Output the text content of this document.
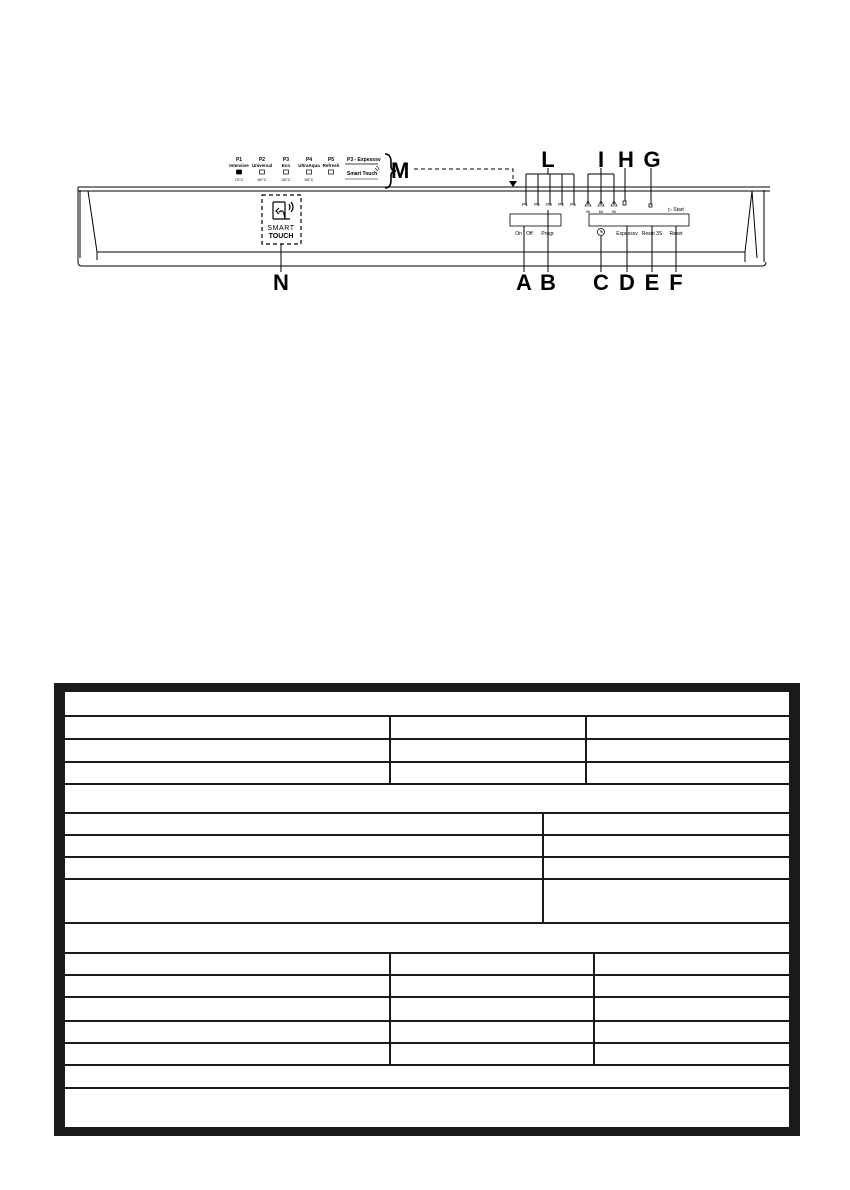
P1
Intensive
70°C
P2
Universal
60°C
P3
Eco
45°C
P4
UltraAqua
55°C
P5
Refresh M
SMART
TOUCH
N
P1 P2 P3 P4 P5
3h 6h 9h	▷ Start
On / Off Progr.	Expesssv Reset 3S Reset
L I H G
A B C D E F
P3 - Expesssv
Smart Touch
